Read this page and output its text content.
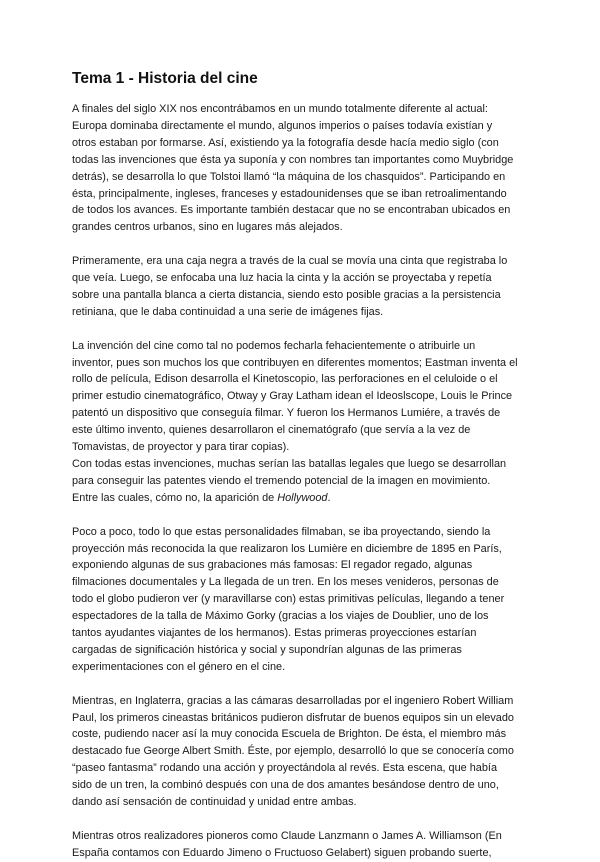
Tema 1 - Historia del cine

A finales del siglo XIX nos encontrábamos en un mundo totalmente diferente al actual:
Europa dominaba directamente el mundo, algunos imperios o países todavía existían y
otros estaban por formarse. Así, existiendo ya la fotografía desde hacía medio siglo (con
todas las invenciones que ésta ya suponía y con nombres tan importantes como Muybridge
detrás), se desarrolla lo que Tolstoi llamó “la máquina de los chasquidos”. Participando en
ésta, principalmente, ingleses, franceses y estadounidenses que se iban retroalimentando
de todos los avances. Es importante también destacar que no se encontraban ubicados en
grandes centros urbanos, sino en lugares más alejados.

Primeramente, era una caja negra a través de la cual se movía una cinta que registraba lo
que veía. Luego, se enfocaba una luz hacia la cinta y la acción se proyectaba y repetía
sobre una pantalla blanca a cierta distancia, siendo esto posible gracias a la persistencia
retiniana, que le daba continuidad a una serie de imágenes fijas.

La invención del cine como tal no podemos fecharla fehacientemente o atribuirle un
inventor, pues son muchos los que contribuyen en diferentes momentos; Eastman inventa el
rollo de película, Edison desarrolla el Kinetoscopio, las perforaciones en el celuloide o el
primer estudio cinematográfico, Otway y Gray Latham idean el Ideoslscope, Louis le Prince
patentó un dispositivo que conseguía filmar. Y fueron los Hermanos Lumiére, a través de
este último invento, quienes desarrollaron el cinematógrafo (que servía a la vez de
Tomavistas, de proyector y para tirar copias).

Con todas estas invenciones, muchas serían las batallas legales que luego se desarrollan
para conseguir las patentes viendo el tremendo potencial de la imagen en movimiento.
Entre las cuales, cómo no, la aparición de Hollywood.

Poco a poco, todo lo que estas personalidades filmaban, se iba proyectando, siendo la
proyección más reconocida la que realizaron los Lumière en diciembre de 1895 en París,
exponiendo algunas de sus grabaciones más famosas: El regador regado, algunas
filmaciones documentales y La llegada de un tren. En los meses venideros, personas de
todo el globo pudieron ver (y maravillarse con) estas primitivas películas, llegando a tener
espectadores de la talla de Máximo Gorky (gracias a los viajes de Doublier, uno de los
tantos ayudantes viajantes de los hermanos). Estas primeras proyecciones estarían
cargadas de significación histórica y social y supondrían algunas de las primeras
experimentaciones con el género en el cine.

Mientras, en Inglaterra, gracias a las cámaras desarrolladas por el ingeniero Robert William
Paul, los primeros cineastas británicos pudieron disfrutar de buenos equipos sin un elevado
coste, pudiendo nacer así la muy conocida Escuela de Brighton. De ésta, el miembro más
destacado fue George Albert Smith. Éste, por ejemplo, desarrolló lo que se conocería como
“paseo fantasma” rodando una acción y proyectándola al revés. Esta escena, que había
sido de un tren, la combinó después con una de dos amantes besándose dentro de uno,
dando así sensación de continuidad y unidad entre ambas.

Mientras otros realizadores pioneros como Claude Lanzmann o James A. Williamson (En
España contamos con Eduardo Jimeno o Fructuoso Gelabert) siguen probando suerte,
